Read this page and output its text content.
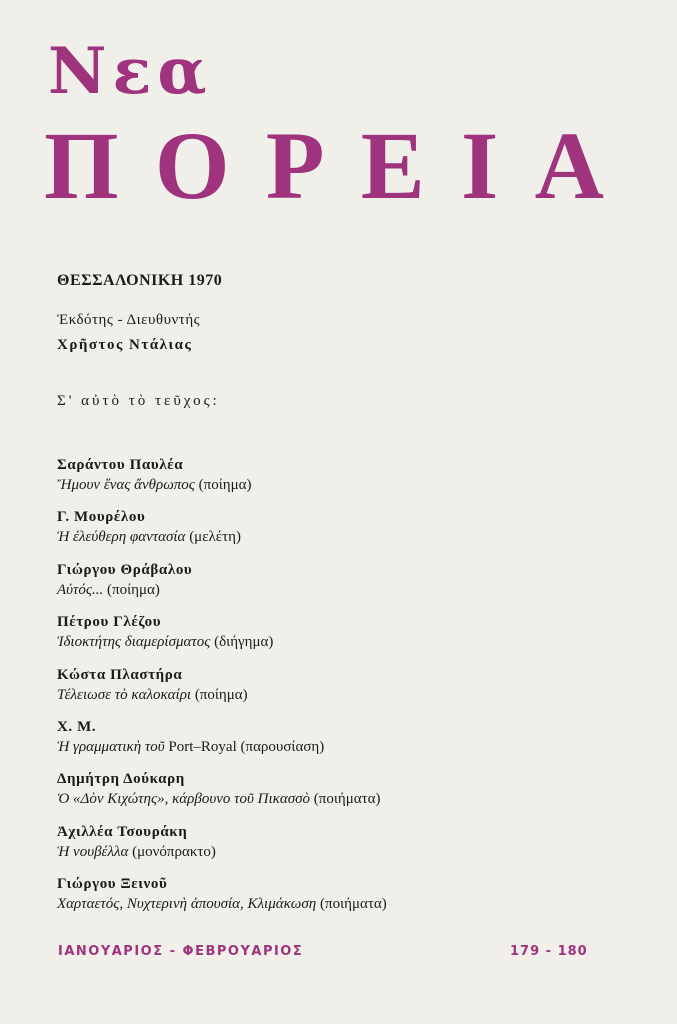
Νεα
Π Ο Ρ Ε Ι Α
ΘΕΣΣΑΛΟΝΙΚΗ 1970
Ἐκδότης - Διευθυντής
Χρῆστος Ντάλιας
Σ' αὐτὸ τὸ τεῦχος:
Σαράντου Παυλέα
Ἤμουν ἕνας ἄνθρωπος (ποίημα)
Γ. Μουρέλου
Ἡ ἐλεύθερη φαντασία (μελέτη)
Γιώργου Θράβαλου
Αὐτός... (ποίημα)
Πέτρου Γλέζου
Ἰδιοκτήτης διαμερίσματος (διήγημα)
Κώστα Πλαστήρα
Τέλειωσε τὸ καλοκαίρι (ποίημα)
Χ. Μ.
Ἡ γραμματικὴ τοῦ Port–Royal (παρουσίαση)
Δημήτρη Δούκαρη
Ὁ «Δὸν Κιχώτης», κάρβουνο τοῦ Πικασσὸ (ποιήματα)
Ἀχιλλέα Τσουράκη
Ἡ νουβέλλα (μονόπρακτο)
Γιώργου Ξεινοῦ
Χαρταετός, Νυχτερινὴ ἀπουσία, Κλιμάκωση (ποιήματα)
ΙΑΝΟΥΑΡΙΟΣ - ΦΕΒΡΟΥΑΡΙΟΣ	179 - 180
